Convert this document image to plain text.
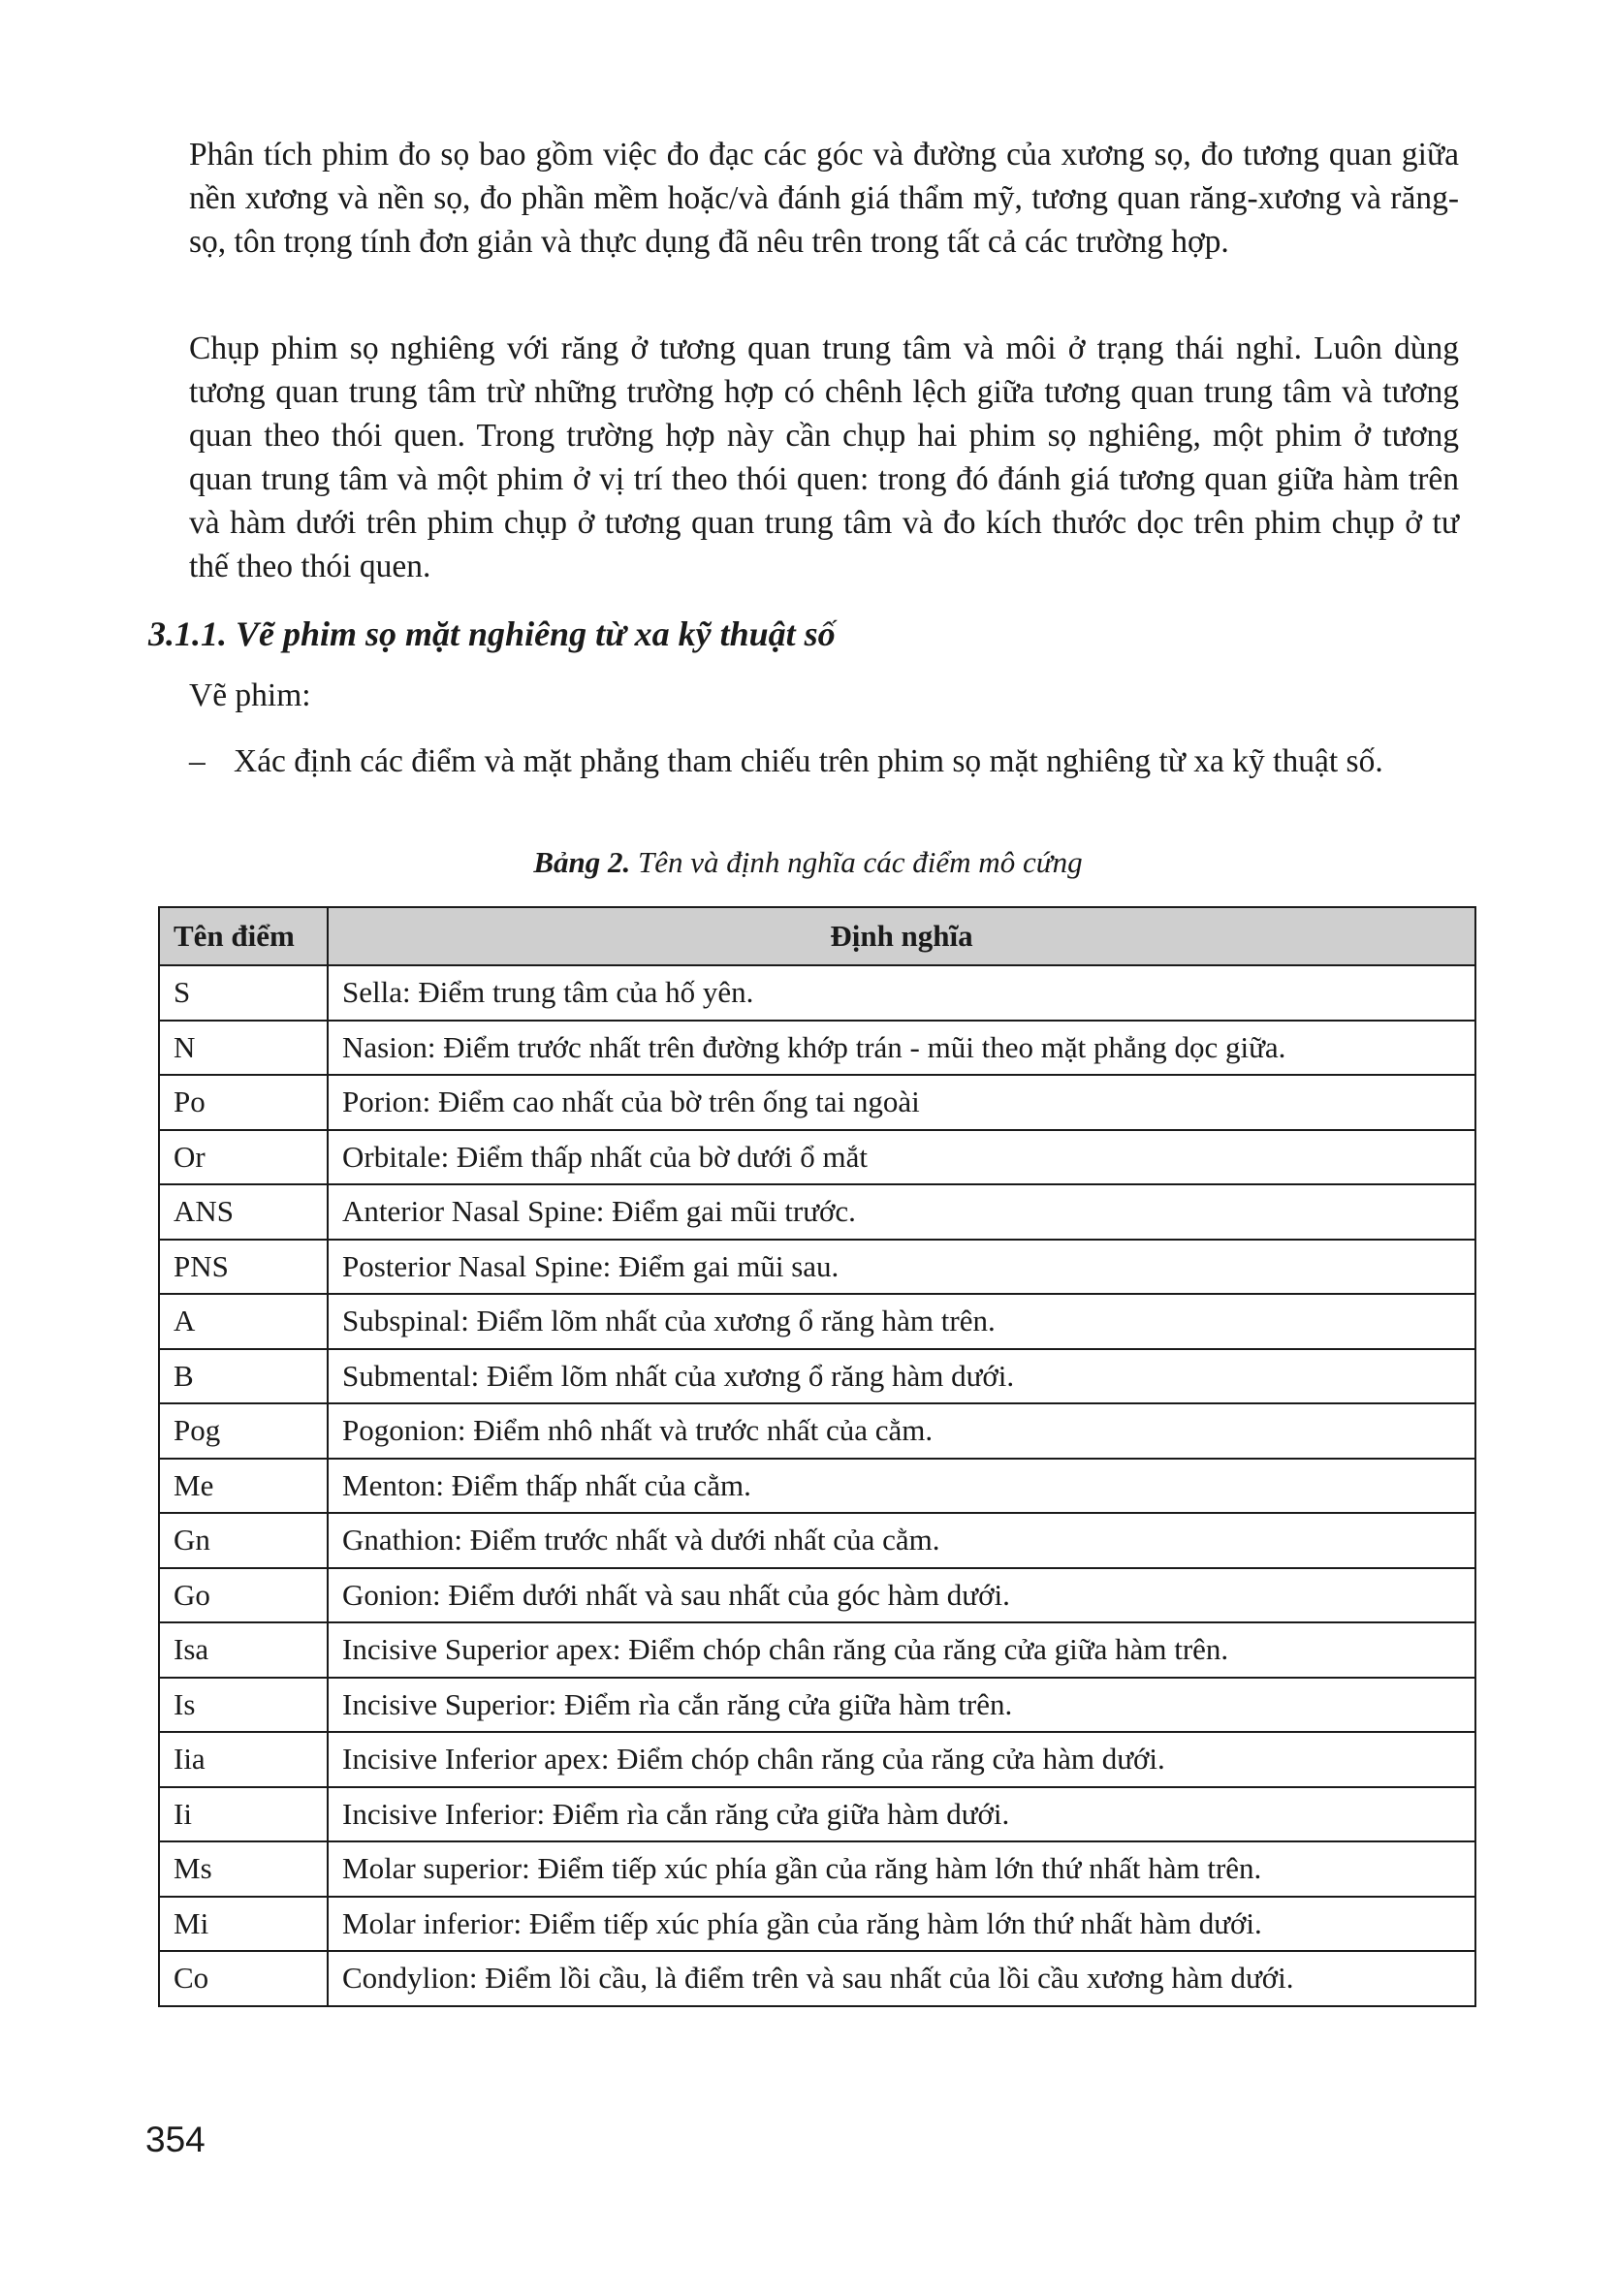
Phân tích phim đo sọ bao gồm việc đo đạc các góc và đường của xương sọ, đo tương quan giữa nền xương và nền sọ, đo phần mềm hoặc/và đánh giá thẩm mỹ, tương quan răng-xương và răng-sọ, tôn trọng tính đơn giản và thực dụng đã nêu trên trong tất cả các trường hợp.

Chụp phim sọ nghiêng với răng ở tương quan trung tâm và môi ở trạng thái nghỉ. Luôn dùng tương quan trung tâm trừ những trường hợp có chênh lệch giữa tương quan trung tâm và tương quan theo thói quen. Trong trường hợp này cần chụp hai phim sọ nghiêng, một phim ở tương quan trung tâm và một phim ở vị trí theo thói quen: trong đó đánh giá tương quan giữa hàm trên và hàm dưới trên phim chụp ở tương quan trung tâm và đo kích thước dọc trên phim chụp ở tư thế theo thói quen.

3.1.1. Vẽ phim sọ mặt nghiêng từ xa kỹ thuật số

Vẽ phim:

– Xác định các điểm và mặt phẳng tham chiếu trên phim sọ mặt nghiêng từ xa kỹ thuật số.

Bảng 2. Tên và định nghĩa các điểm mô cứng

Tên điểm	Định nghĩa
S	Sella: Điểm trung tâm của hố yên.
N	Nasion: Điểm trước nhất trên đường khớp trán - mũi theo mặt phẳng dọc giữa.
Po	Porion: Điểm cao nhất của bờ trên ống tai ngoài
Or	Orbitale: Điểm thấp nhất của bờ dưới ổ mắt
ANS	Anterior Nasal Spine: Điểm gai mũi trước.
PNS	Posterior Nasal Spine: Điểm gai mũi sau.
A	Subspinal: Điểm lõm nhất của xương ổ răng hàm trên.
B	Submental: Điểm lõm nhất của xương ổ răng hàm dưới.
Pog	Pogonion: Điểm nhô nhất và trước nhất của cằm.
Me	Menton: Điểm thấp nhất của cằm.
Gn	Gnathion: Điểm trước nhất và dưới nhất của cằm.
Go	Gonion: Điểm dưới nhất và sau nhất của góc hàm dưới.
Isa	Incisive Superior apex: Điểm chóp chân răng của răng cửa giữa hàm trên.
Is	Incisive Superior: Điểm rìa cắn răng cửa giữa hàm trên.
Iia	Incisive Inferior apex: Điểm chóp chân răng của răng cửa hàm dưới.
Ii	Incisive Inferior: Điểm rìa cắn răng cửa giữa hàm dưới.
Ms	Molar superior: Điểm tiếp xúc phía gần của răng hàm lớn thứ nhất hàm trên.
Mi	Molar inferior: Điểm tiếp xúc phía gần của răng hàm lớn thứ nhất hàm dưới.
Co	Condylion: Điểm lồi cầu, là điểm trên và sau nhất của lồi cầu xương hàm dưới.

354
